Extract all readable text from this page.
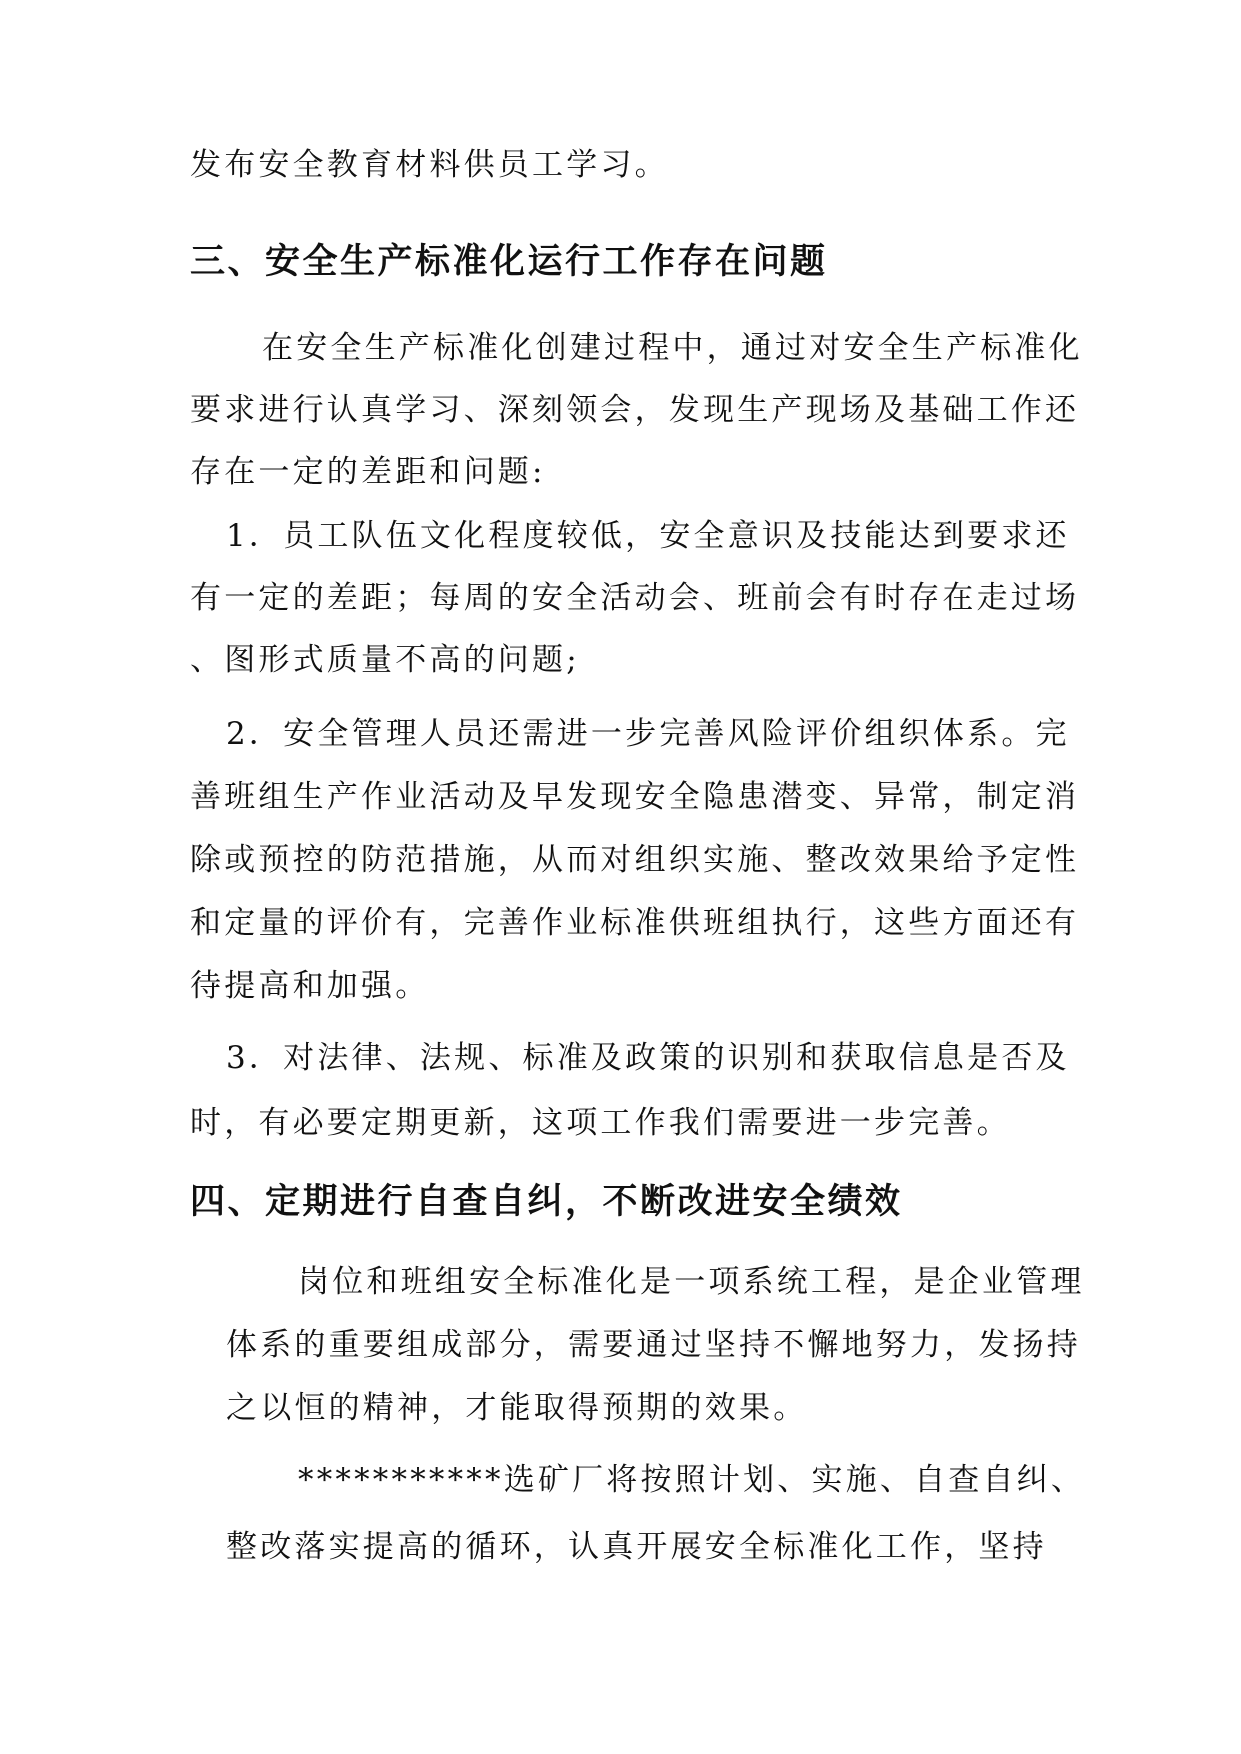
发布安全教育材料供员工学习。
三、安全生产标准化运行工作存在问题
在安全生产标准化创建过程中，通过对安全生产标准化
要求进行认真学习、深刻领会，发现生产现场及基础工作还
存在一定的差距和问题:
1．员工队伍文化程度较低，安全意识及技能达到要求还
有一定的差距；每周的安全活动会、班前会有时存在走过场
、图形式质量不高的问题;
2．安全管理人员还需进一步完善风险评价组织体系。完
善班组生产作业活动及早发现安全隐患潜变、异常，制定消
除或预控的防范措施，从而对组织实施、整改效果给予定性
和定量的评价有，完善作业标准供班组执行，这些方面还有
待提高和加强。
3．对法律、法规、标准及政策的识别和获取信息是否及
时，有必要定期更新，这项工作我们需要进一步完善。
四、定期进行自查自纠，不断改进安全绩效
岗位和班组安全标准化是一项系统工程，是企业管理
体系的重要组成部分，需要通过坚持不懈地努力，发扬持
之以恒的精神，才能取得预期的效果。
***********选矿厂将按照计划、实施、自查自纠、
整改落实提高的循环，认真开展安全标准化工作，坚持
